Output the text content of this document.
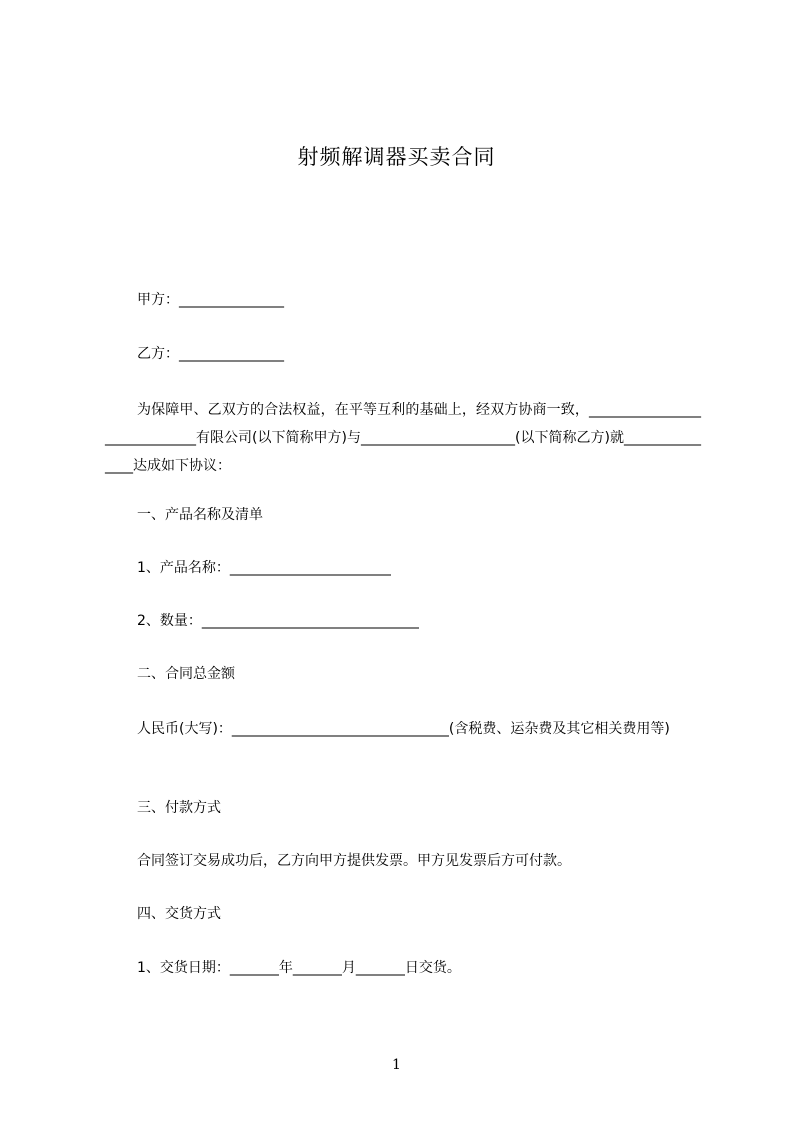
射频解调器买卖合同
甲方：_______________
乙方：_______________
为保障甲、乙双方的合法权益，在平等互利的基础上，经双方协商一致，_____________________________有限公司(以下简称甲方)与______________________(以下简称乙方)就_______________达成如下协议：
一、产品名称及清单
1、产品名称：_______________________
2、数量：_______________________________
二、合同总金额
人民币(大写)：_______________________________(含税费、运杂费及其它相关费用等)
三、付款方式
合同签订交易成功后，乙方向甲方提供发票。甲方见发票后方可付款。
四、交货方式
1、交货日期：_______年_______月_______日交货。
1
